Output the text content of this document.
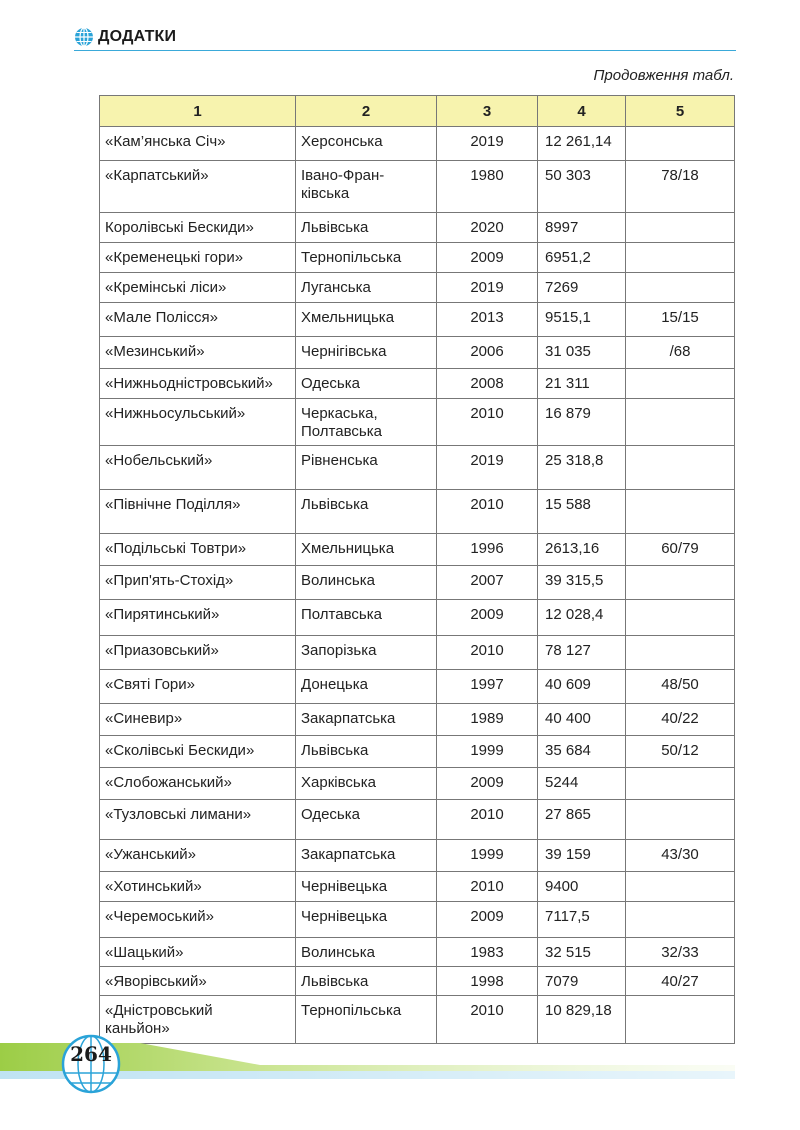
ДОДАТКИ
Продовження табл.
1	2	3	4	5
«Кам’янська Січ»	Херсонська	2019	12 261,14	
«Карпатський»	Івано-Фран-
ківська	1980	50 303	78/18
Королівські Бескиди»	Львівська	2020	8997	
«Кременецькі гори»	Тернопільська	2009	6951,2	
«Кремінські ліси»	Луганська	2019	7269	
«Мале Полісся»	Хмельницька	2013	9515,1	15/15
«Мезинський»	Чернігівська	2006	31 035	/68
«Нижньодністровський»	Одеська	2008	21 311	
«Нижньосульський»	Черкаська,
Полтавська	2010	16 879	
«Нобельський»	Рівненська	2019	25 318,8	
«Північне Поділля»	Львівська	2010	15 588	
«Подільські Товтри»	Хмельницька	1996	2613,16	60/79
«Прип'ять-Стохід»	Волинська	2007	39 315,5	
«Пирятинський»	Полтавська	2009	12 028,4	
«Приазовський»	Запорізька	2010	78 127	
«Святі Гори»	Донецька	1997	40 609	48/50
«Синевир»	Закарпатська	1989	40 400	40/22
«Сколівські Бескиди»	Львівська	1999	35 684	50/12
«Слобожанський»	Харківська	2009	5244	
«Тузловські лимани»	Одеська	2010	27 865	
«Ужанський»	Закарпатська	1999	39 159	43/30
«Хотинський»	Чернівецька	2010	9400	
«Черемоський»	Чернівецька	2009	7117,5	
«Шацький»	Волинська	1983	32 515	32/33
«Яворівський»	Львівська	1998	7079	40/27
«Дністровський
каньйон»	Тернопільська	2010	10 829,18	
264
